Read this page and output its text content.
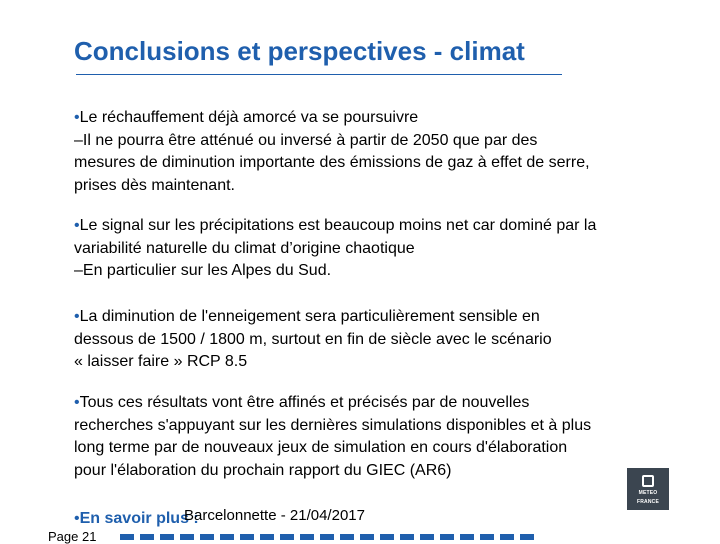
Conclusions et perspectives - climat

•Le réchauffement déjà amorcé va se poursuivre

–Il ne pourra être atténué ou inversé à partir de 2050 que par des

mesures de diminution importante des émissions de gaz à effet de serre,

prises dès maintenant.

•Le signal sur les précipitations est beaucoup moins net car dominé par la

variabilité naturelle du climat d’origine chaotique

–En particulier sur les Alpes du Sud.

•La diminution de l'enneigement sera particulièrement sensible en

dessous de 1500 / 1800 m, surtout en fin de siècle avec le scénario

« laisser faire » RCP 8.5

•Tous ces résultats vont être affinés et précisés par de nouvelles

recherches s'appuyant sur les dernières simulations disponibles et à plus

long terme par de nouveaux jeux de simulation en cours d'élaboration

pour l'élaboration du prochain rapport du GIEC (AR6)

•En savoir plus :
Barcelonnette - 21/04/2017
Page 21
METEO
FRANCE
